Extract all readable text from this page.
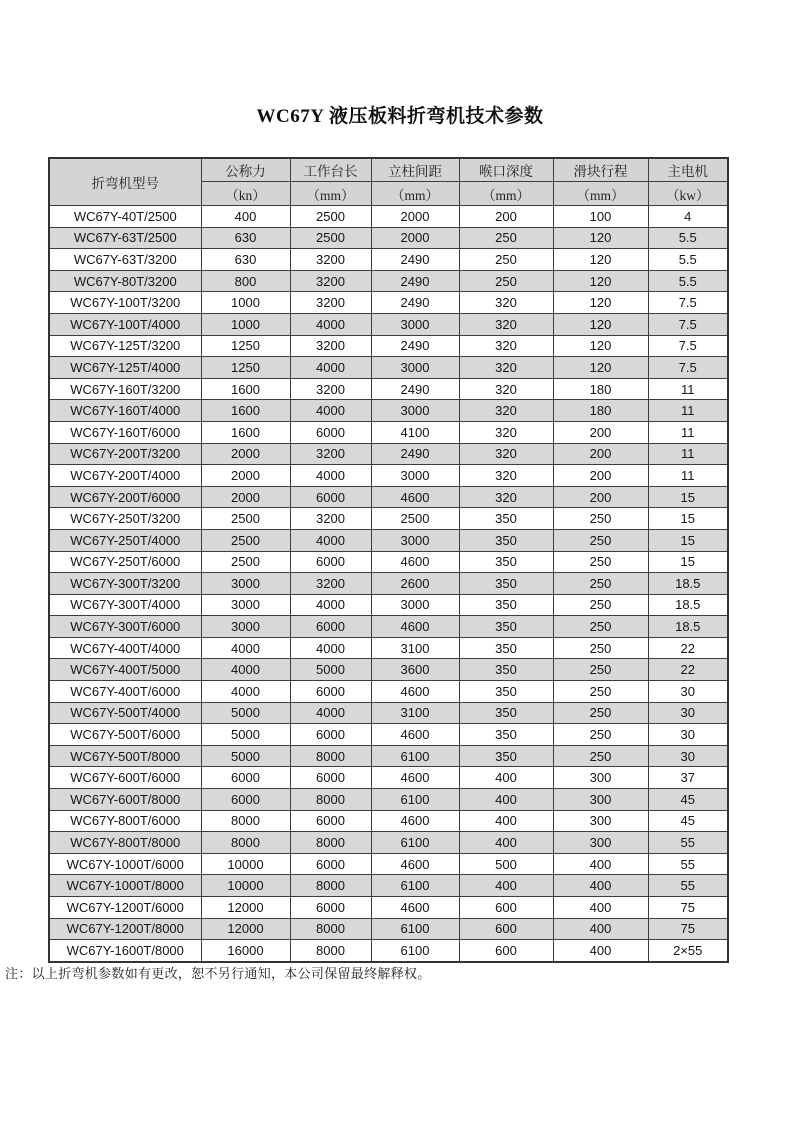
WC67Y 液压板料折弯机技术参数
折弯机型号	公称力	工作台长	立柱间距	喉口深度	滑块行程	主电机
	（kn）	（mm）	（mm）	（mm）	（mm）	（kw）
WC67Y-40T/2500	400	2500	2000	200	100	4
WC67Y-63T/2500	630	2500	2000	250	120	5.5
WC67Y-63T/3200	630	3200	2490	250	120	5.5
WC67Y-80T/3200	800	3200	2490	250	120	5.5
WC67Y-100T/3200	1000	3200	2490	320	120	7.5
WC67Y-100T/4000	1000	4000	3000	320	120	7.5
WC67Y-125T/3200	1250	3200	2490	320	120	7.5
WC67Y-125T/4000	1250	4000	3000	320	120	7.5
WC67Y-160T/3200	1600	3200	2490	320	180	11
WC67Y-160T/4000	1600	4000	3000	320	180	11
WC67Y-160T/6000	1600	6000	4100	320	200	11
WC67Y-200T/3200	2000	3200	2490	320	200	11
WC67Y-200T/4000	2000	4000	3000	320	200	11
WC67Y-200T/6000	2000	6000	4600	320	200	15
WC67Y-250T/3200	2500	3200	2500	350	250	15
WC67Y-250T/4000	2500	4000	3000	350	250	15
WC67Y-250T/6000	2500	6000	4600	350	250	15
WC67Y-300T/3200	3000	3200	2600	350	250	18.5
WC67Y-300T/4000	3000	4000	3000	350	250	18.5
WC67Y-300T/6000	3000	6000	4600	350	250	18.5
WC67Y-400T/4000	4000	4000	3100	350	250	22
WC67Y-400T/5000	4000	5000	3600	350	250	22
WC67Y-400T/6000	4000	6000	4600	350	250	30
WC67Y-500T/4000	5000	4000	3100	350	250	30
WC67Y-500T/6000	5000	6000	4600	350	250	30
WC67Y-500T/8000	5000	8000	6100	350	250	30
WC67Y-600T/6000	6000	6000	4600	400	300	37
WC67Y-600T/8000	6000	8000	6100	400	300	45
WC67Y-800T/6000	8000	6000	4600	400	300	45
WC67Y-800T/8000	8000	8000	6100	400	300	55
WC67Y-1000T/6000	10000	6000	4600	500	400	55
WC67Y-1000T/8000	10000	8000	6100	400	400	55
WC67Y-1200T/6000	12000	6000	4600	600	400	75
WC67Y-1200T/8000	12000	8000	6100	600	400	75
WC67Y-1600T/8000	16000	8000	6100	600	400	2×55

注：以上折弯机参数如有更改，恕不另行通知，本公司保留最终解释权。
